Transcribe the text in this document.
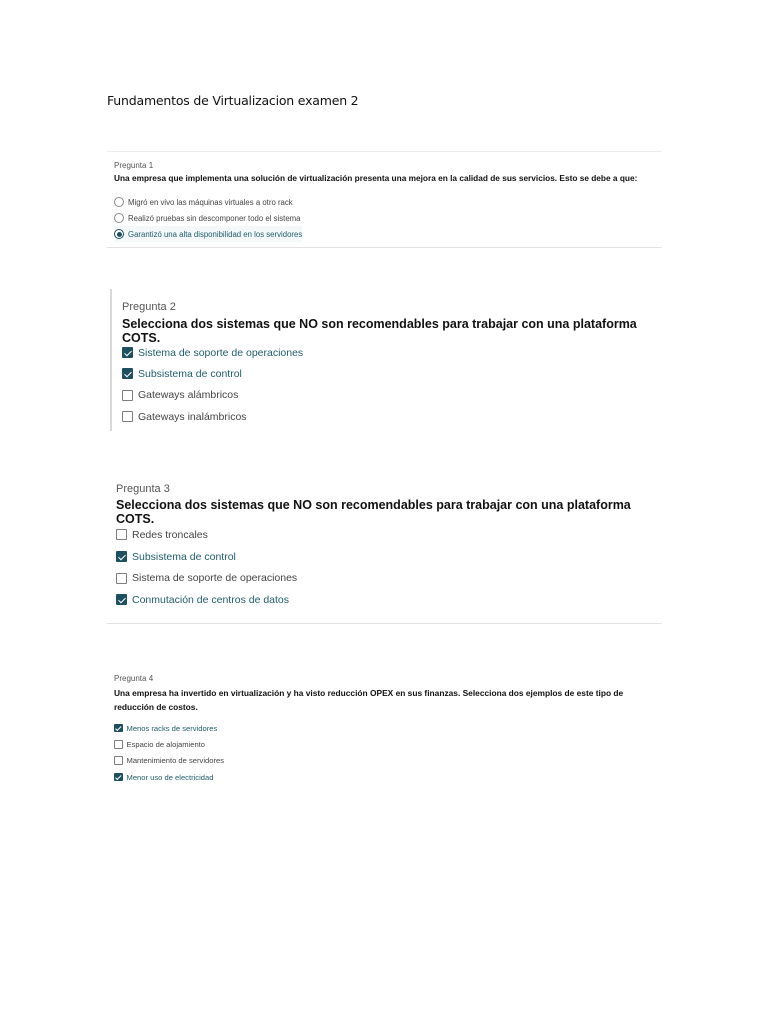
Fundamentos de Virtualizacion examen 2
Pregunta 1
Una empresa que implementa una solución de virtualización presenta una mejora en la calidad de sus servicios. Esto se debe a que:
Migró en vivo las máquinas virtuales a otro rack
Realizó pruebas sin descomponer todo el sistema
Garantizó una alta disponibilidad en los servidores
Pregunta 2
Selecciona dos sistemas que NO son recomendables para trabajar con una plataforma COTS.
Sistema de soporte de operaciones
Subsistema de control
Gateways alámbricos
Gateways inalámbricos
Pregunta 3
Selecciona dos sistemas que NO son recomendables para trabajar con una plataforma COTS.
Redes troncales
Subsistema de control
Sistema de soporte de operaciones
Conmutación de centros de datos
Pregunta 4
Una empresa ha invertido en virtualización y ha visto reducción OPEX en sus finanzas. Selecciona dos ejemplos de este tipo de reducción de costos.
Menos racks de servidores
Espacio de alojamiento
Mantenimiento de servidores
Menor uso de electricidad
